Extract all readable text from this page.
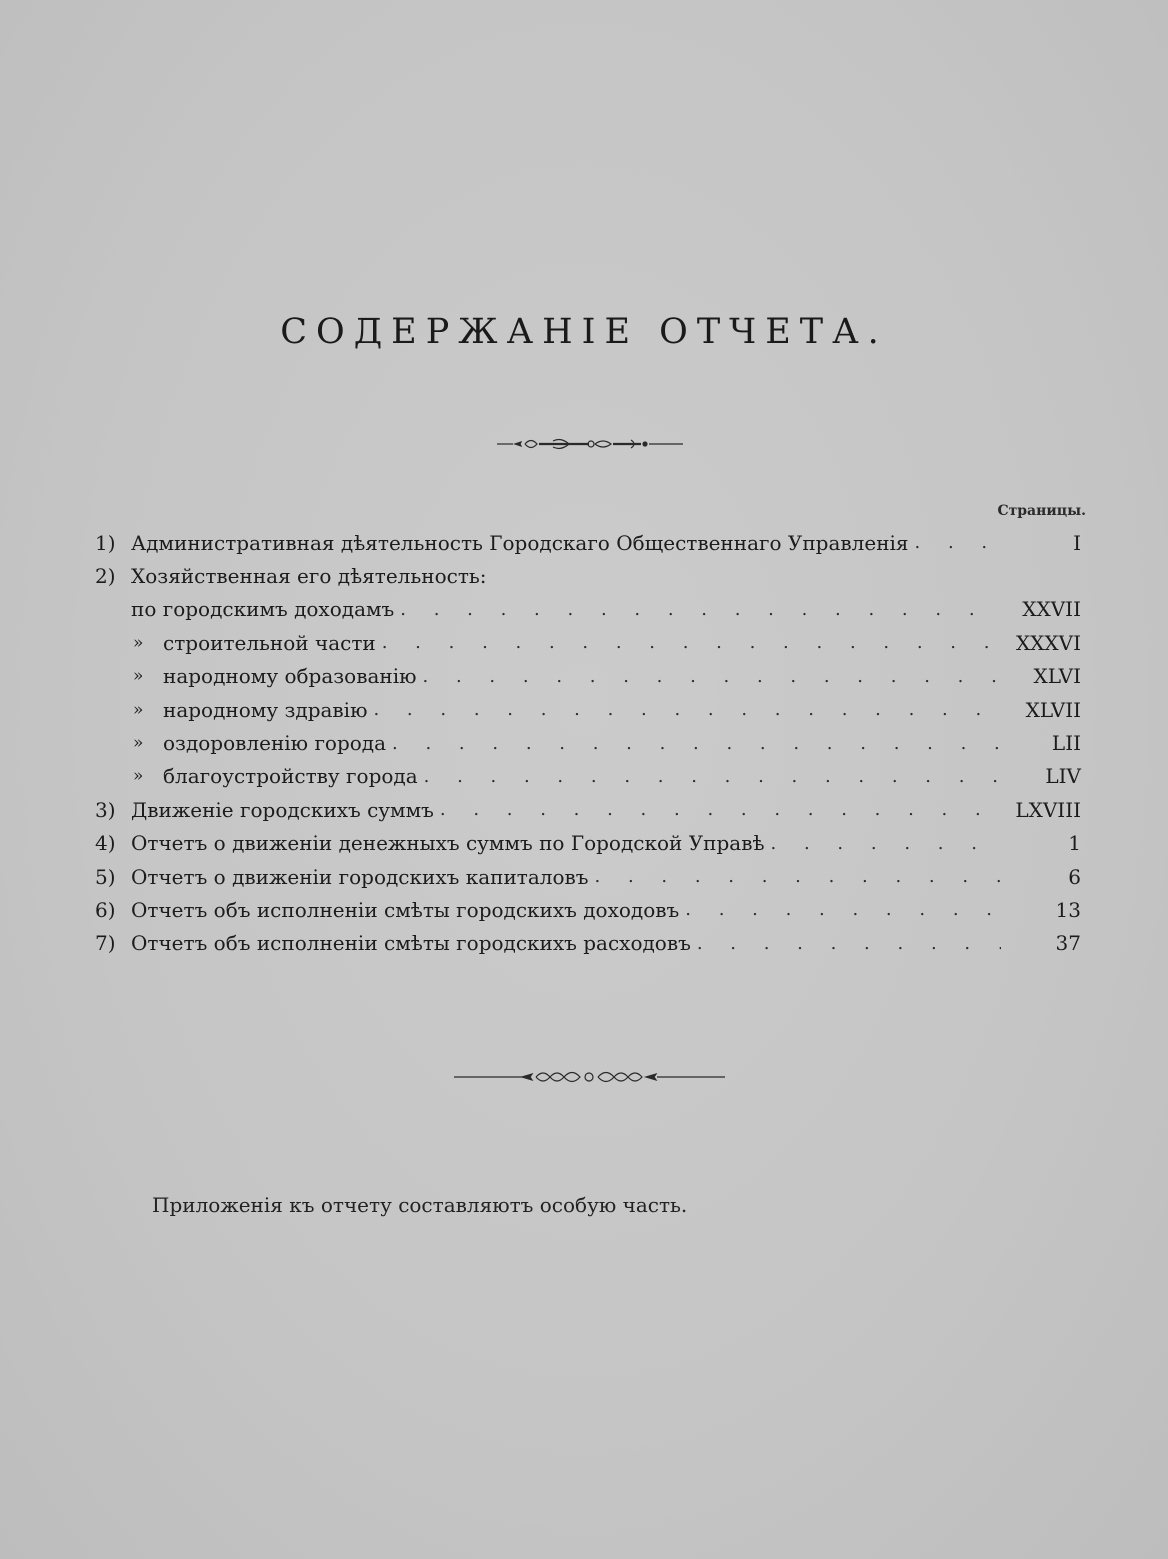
СОДЕРЖАНIЕ ОТЧЕТА.
Страницы.
1) Административная дѣятельность Городскаго Общественнаго Управленія . . .	I
2) Хозяйственная его дѣятельность:
по городскимъ доходамъ . . .	XXVII
» строительной части . . .	XXXVI
» народному образованію . . .	XLVI
» народному здравію . . .	XLVII
» оздоровленію города . . .	LII
» благоустройству города . . .	LIV
3) Движеніе городскихъ суммъ . . .	LXVIII
4) Отчетъ о движеніи денежныхъ суммъ по Городской Управѣ . . .	1
5) Отчетъ о движеніи городскихъ капиталовъ . . .	6
6) Отчетъ объ исполненіи смѣты городскихъ доходовъ . . .	13
7) Отчетъ объ исполненіи смѣты городскихъ расходовъ . . .	37
Приложенія къ отчету составляютъ особую часть.
